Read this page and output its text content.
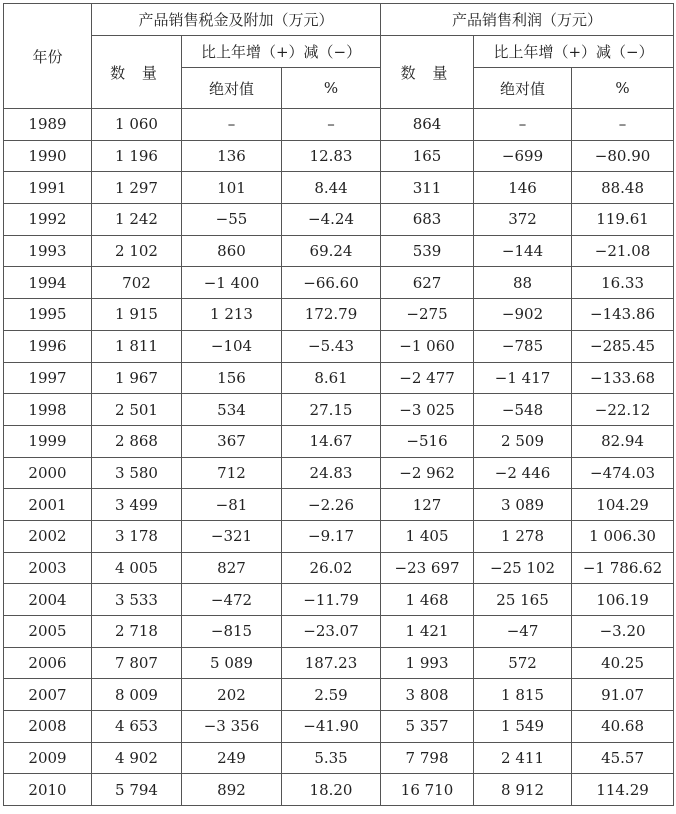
年份	产品销售税金及附加（万元）			产品销售利润（万元）		
	数 量	比上年增（+）减（−）		数 量	比上年增（+）减（−）	
		绝对值	%		绝对值	%
1989	1 060	–	–	864	–	–
1990	1 196	136	12.83	165	−699	−80.90
1991	1 297	101	8.44	311	146	88.48
1992	1 242	−55	−4.24	683	372	119.61
1993	2 102	860	69.24	539	−144	−21.08
1994	702	−1 400	−66.60	627	88	16.33
1995	1 915	1 213	172.79	−275	−902	−143.86
1996	1 811	−104	−5.43	−1 060	−785	−285.45
1997	1 967	156	8.61	−2 477	−1 417	−133.68
1998	2 501	534	27.15	−3 025	−548	−22.12
1999	2 868	367	14.67	−516	2 509	82.94
2000	3 580	712	24.83	−2 962	−2 446	−474.03
2001	3 499	−81	−2.26	127	3 089	104.29
2002	3 178	−321	−9.17	1 405	1 278	1 006.30
2003	4 005	827	26.02	−23 697	−25 102	−1 786.62
2004	3 533	−472	−11.79	1 468	25 165	106.19
2005	2 718	−815	−23.07	1 421	−47	−3.20
2006	7 807	5 089	187.23	1 993	572	40.25
2007	8 009	202	2.59	3 808	1 815	91.07
2008	4 653	−3 356	−41.90	5 357	1 549	40.68
2009	4 902	249	5.35	7 798	2 411	45.57
2010	5 794	892	18.20	16 710	8 912	114.29
